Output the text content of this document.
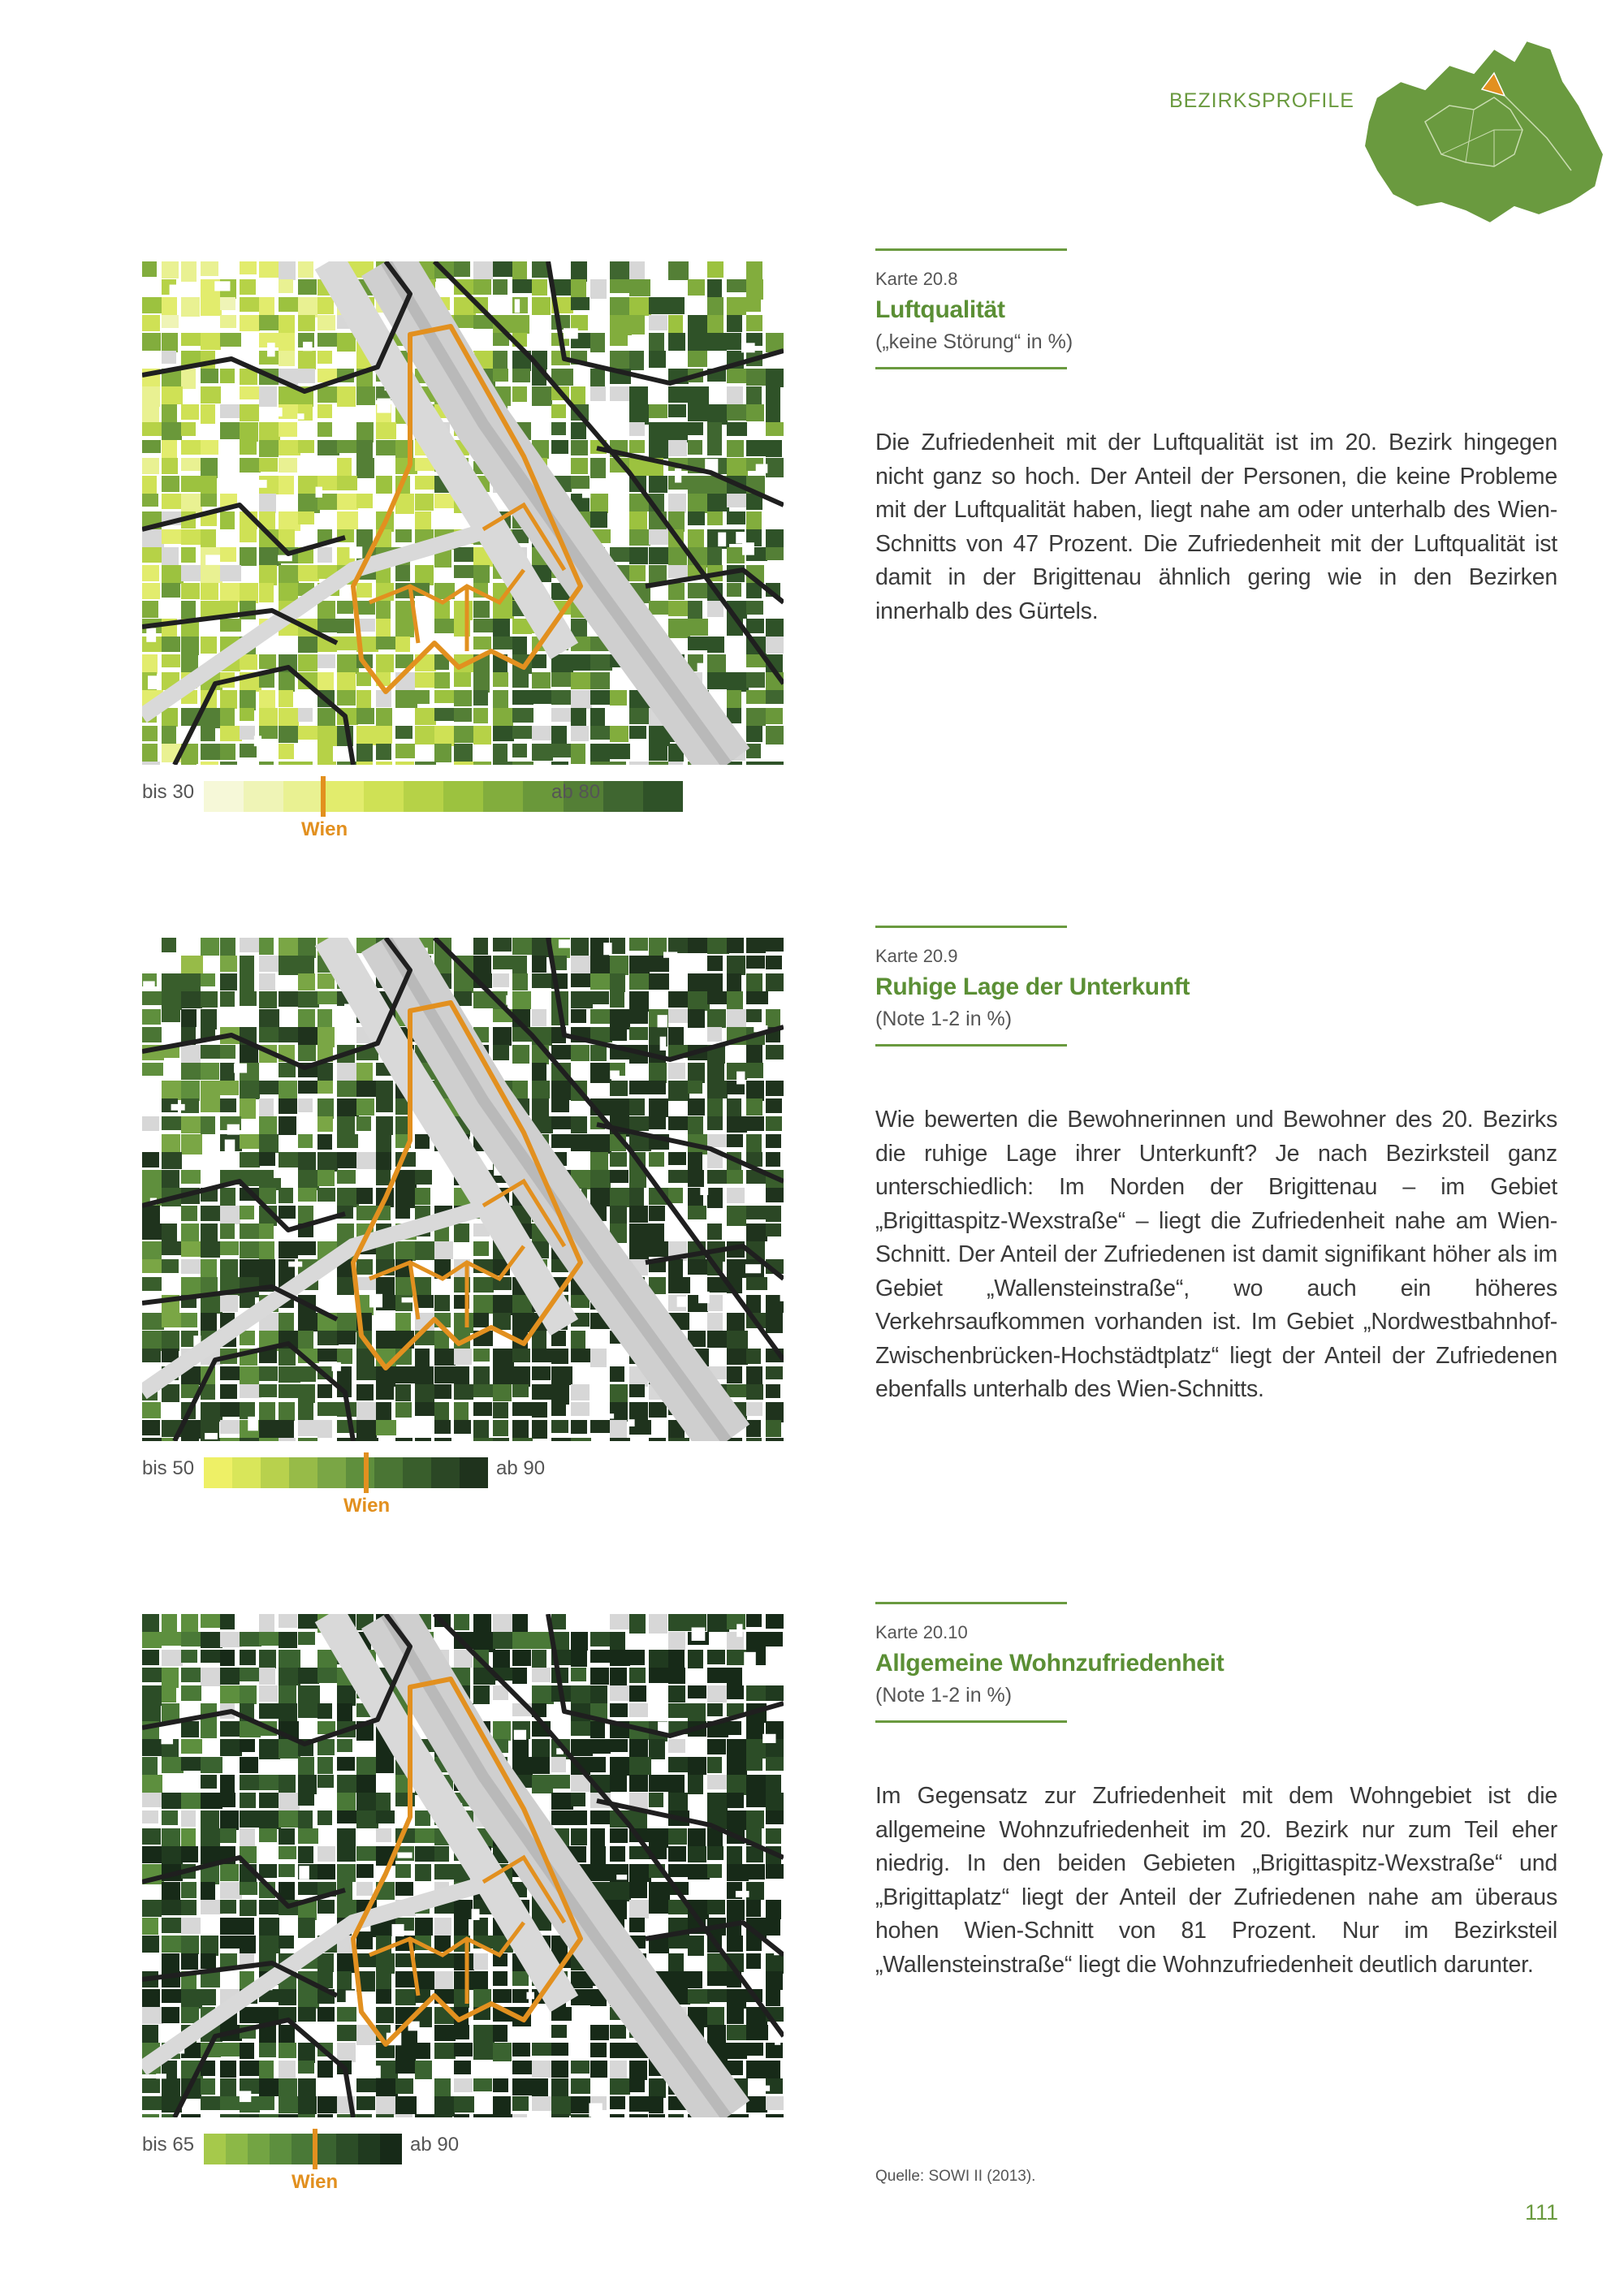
BEZIRKSPROFILE
bis 30
Wien
ab 80
Karte 20.8
Luftqualität
(„keine Störung“ in %)
Die Zufriedenheit mit der Luftqualität ist im 20. Bezirk hingegen nicht ganz so hoch. Der Anteil der Personen, die keine Probleme mit der Luftqualität haben, liegt nahe am oder unterhalb des Wien-Schnitts von 47 Prozent. Die Zufriedenheit mit der Luftqualität ist damit in der Brigittenau ähnlich gering wie in den Bezirken innerhalb des Gürtels.
bis 50
Wien
ab 90
Karte 20.9
Ruhige Lage der Unterkunft
(Note 1-2 in %)
Wie bewerten die Bewohnerinnen und Bewohner des 20. Bezirks die ruhige Lage ihrer Unterkunft? Je nach Bezirksteil ganz unterschiedlich: Im Norden der Brigittenau – im Gebiet „Brigittaspitz-Wexstraße“ – liegt die Zufriedenheit nahe am Wien-Schnitt. Der Anteil der Zufriedenen ist damit signifikant höher als im Gebiet „Wallensteinstraße“, wo auch ein höheres Verkehrsaufkommen vorhanden ist. Im Gebiet „Nordwestbahnhof-Zwischenbrücken-Hochstädtplatz“ liegt der Anteil der Zufriedenen ebenfalls unterhalb des Wien-Schnitts.
bis 65
Wien
ab 90
Karte 20.10
Allgemeine Wohnzufriedenheit
(Note 1-2 in %)
Im Gegensatz zur Zufriedenheit mit dem Wohngebiet ist die allgemeine Wohnzufriedenheit im 20. Bezirk nur zum Teil eher niedrig. In den beiden Gebieten „Brigittaspitz-Wexstraße“ und „Brigittaplatz“ liegt der Anteil der Zufriedenen nahe am überaus hohen Wien-Schnitt von 81 Prozent. Nur im Bezirksteil „Wallensteinstraße“ liegt die Wohnzufriedenheit deutlich darunter.
Quelle: SOWI II (2013).
111
